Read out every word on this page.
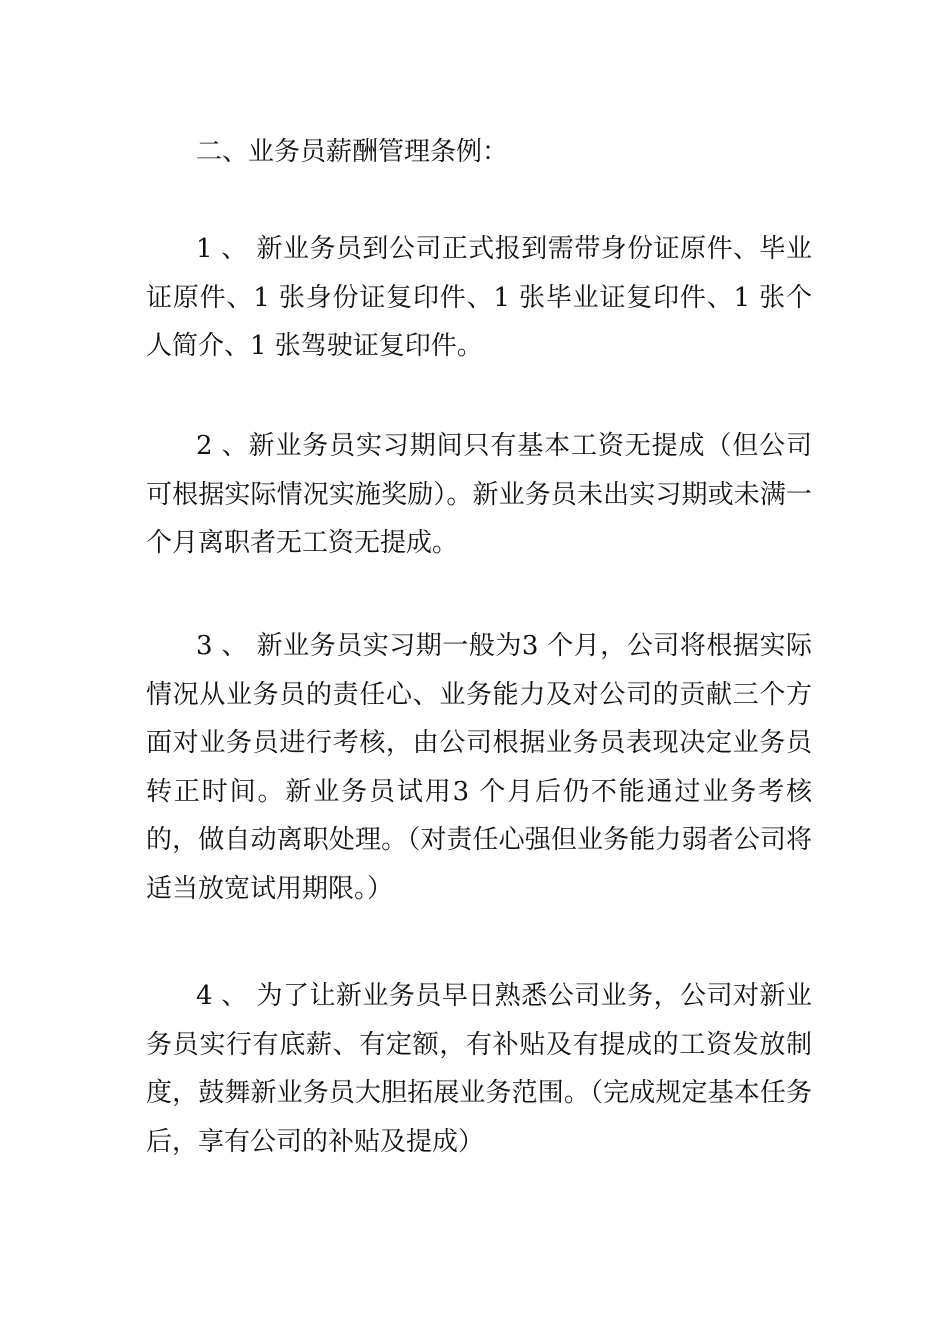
二、业务员薪酬管理条例：

1 、 新业务员到公司正式报到需带身份证原件、毕业证原件、1 张身份证复印件、1 张毕业证复印件、1 张个人简介、1 张驾驶证复印件。

2 、新业务员实习期间只有基本工资无提成（但公司可根据实际情况实施奖励）。新业务员未出实习期或未满一个月离职者无工资无提成。

3 、 新业务员实习期一般为3 个月，公司将根据实际情况从业务员的责任心、业务能力及对公司的贡献三个方面对业务员进行考核，由公司根据业务员表现决定业务员转正时间。新业务员试用3 个月后仍不能通过业务考核的，做自动离职处理。（对责任心强但业务能力弱者公司将适当放宽试用期限。）

4 、 为了让新业务员早日熟悉公司业务，公司对新业务员实行有底薪、有定额，有补贴及有提成的工资发放制度，鼓舞新业务员大胆拓展业务范围。（完成规定基本任务后，享有公司的补贴及提成）
